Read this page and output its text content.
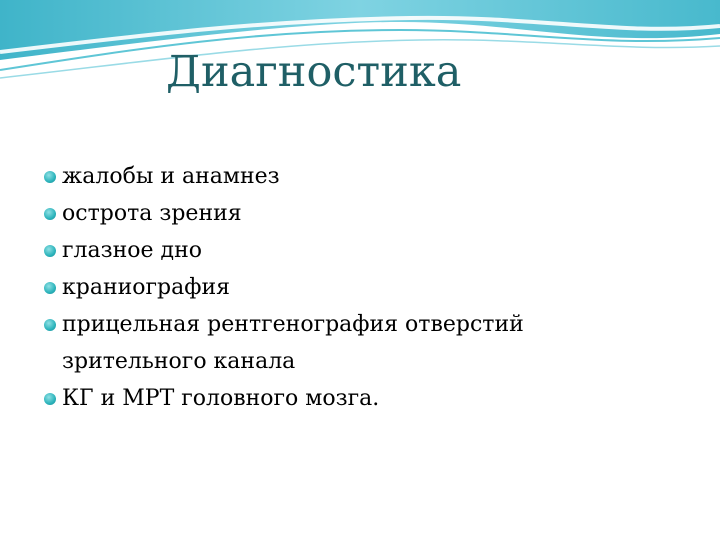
Диагностика
жалобы и анамнез
острота зрения
глазное дно
краниография
прицельная рентгенография отверстий зрительного канала
КГ и МРТ головного мозга.
